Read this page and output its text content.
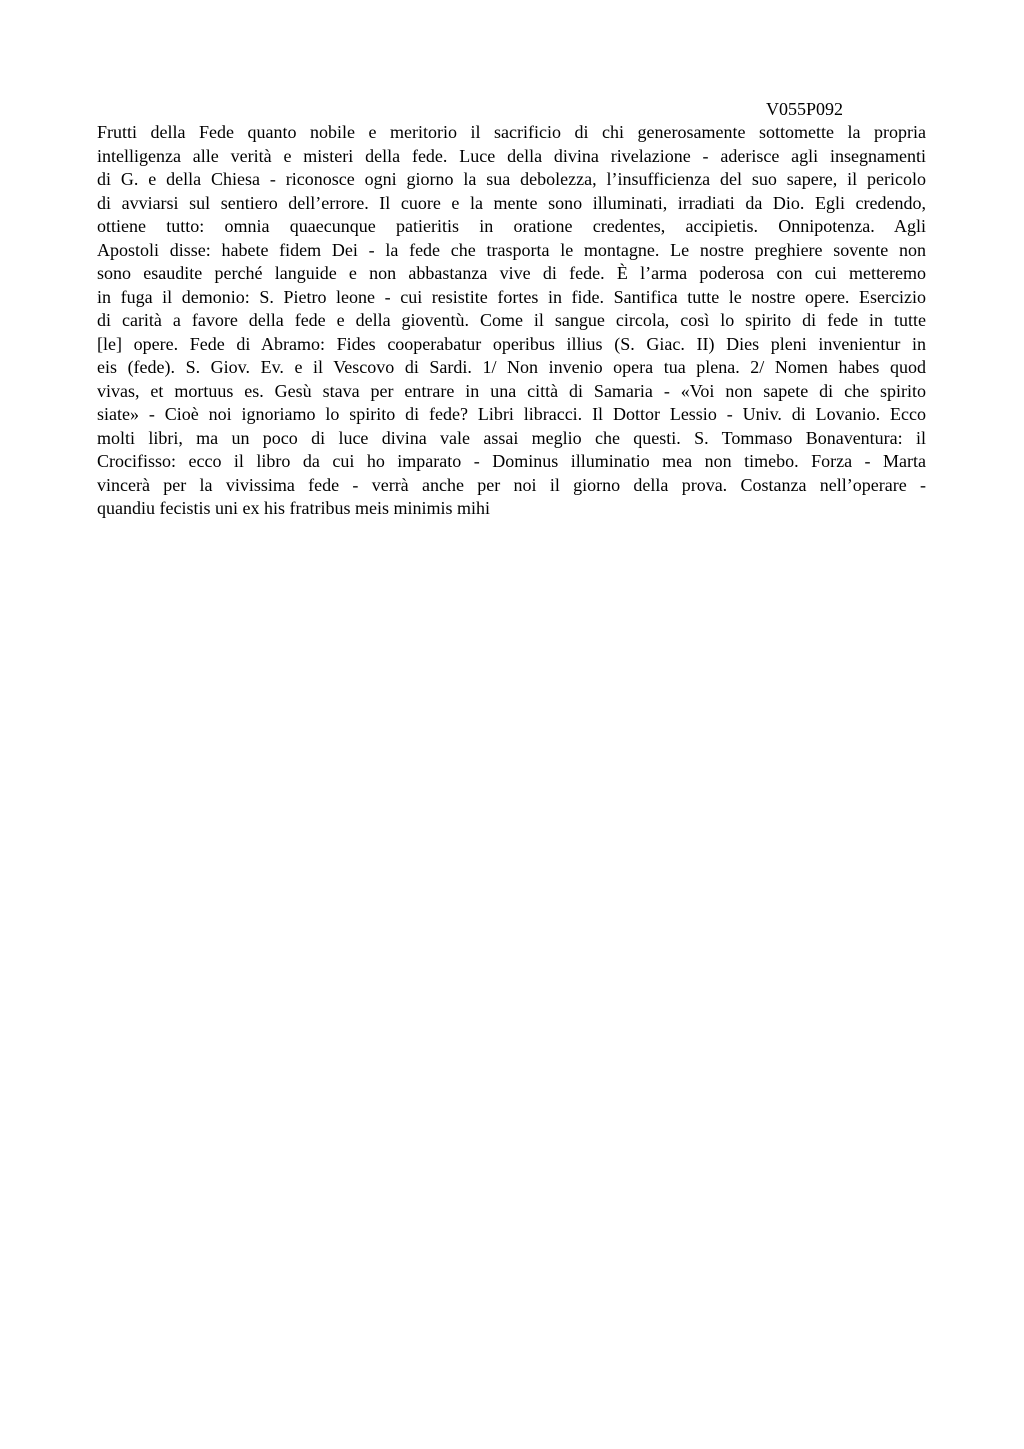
V055P092
Frutti della Fede quanto nobile e meritorio il sacrificio di chi generosamente sottomette la propria
intelligenza alle verità e misteri della fede. Luce della divina rivelazione - aderisce agli insegnamenti
di G. e della Chiesa - riconosce ogni giorno la sua debolezza, l’insufficienza del suo sapere, il pericolo
di avviarsi sul sentiero dell’errore. Il cuore e la mente sono illuminati, irradiati da Dio. Egli credendo,
ottiene tutto: omnia quaecunque patieritis in oratione credentes, accipietis. Onnipotenza. Agli
Apostoli disse: habete fidem Dei - la fede che trasporta le montagne. Le nostre preghiere sovente non
sono esaudite perché languide e non abbastanza vive di fede. È l’arma poderosa con cui metteremo
in fuga il demonio: S. Pietro leone - cui resistite fortes in fide. Santifica tutte le nostre opere. Esercizio
di carità a favore della fede e della gioventù. Come il sangue circola, così lo spirito di fede in tutte
[le] opere. Fede di Abramo: Fides cooperabatur operibus illius (S. Giac. II) Dies pleni invenientur in
eis (fede). S. Giov. Ev. e il Vescovo di Sardi. 1/ Non invenio opera tua plena. 2/ Nomen habes quod
vivas, et mortuus es. Gesù stava per entrare in una città di Samaria - «Voi non sapete di che spirito
siate» - Cioè noi ignoriamo lo spirito di fede? Libri libracci. Il Dottor Lessio - Univ. di Lovanio. Ecco
molti libri, ma un poco di luce divina vale assai meglio che questi. S. Tommaso Bonaventura: il
Crocifisso: ecco il libro da cui ho imparato - Dominus illuminatio mea non timebo. Forza - Marta
vincerà per la vivissima fede - verrà anche per noi il giorno della prova. Costanza nell’operare -
quandiu fecistis uni ex his fratribus meis minimis mihi
